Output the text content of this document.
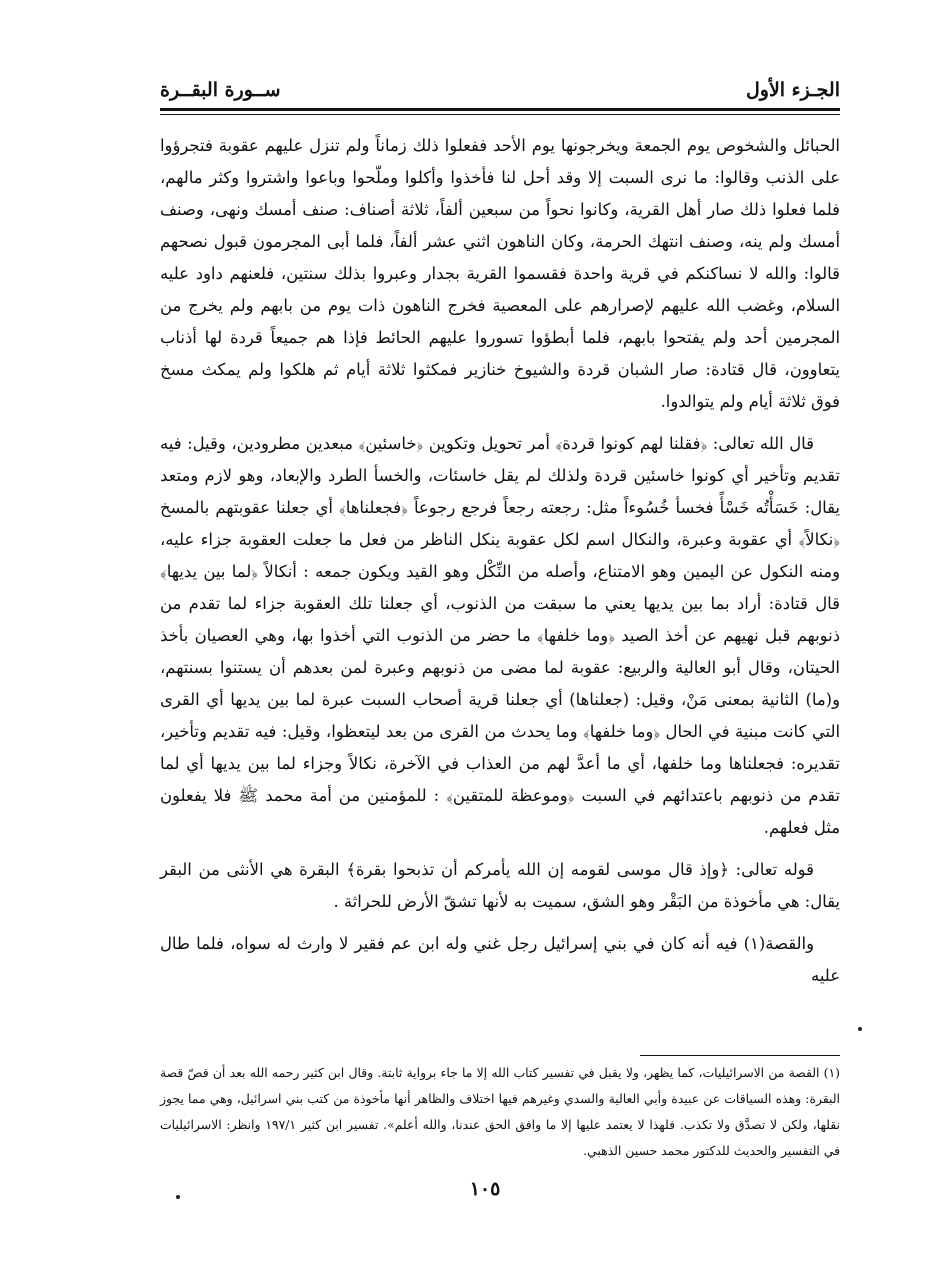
الجـزء الأول
ســورة البقــرة

الحبائل والشخوص يوم الجمعة ويخرجونها يوم الأحد ففعلوا ذلك زماناً ولم تنزل عليهم عقوبة فتجرؤوا على الذنب وقالوا: ما نرى السبت إلا وقد أحل لنا فأخذوا وأكلوا وملّحوا وباعوا واشتروا وكثر مالهم، فلما فعلوا ذلك صار أهل القرية، وكانوا نحواً من سبعين ألفاً، ثلاثة أصناف: صنف أمسك ونهى، وصنف أمسك ولم ينه، وصنف انتهك الحرمة، وكان الناهون اثني عشر ألفاً، فلما أبى المجرمون قبول نصحهم قالوا: والله لا نساكنكم في قرية واحدة فقسموا القرية بجدار وعبروا بذلك سنتين، فلعنهم داود عليه السلام، وغضب الله عليهم لإصرارهم على المعصية فخرج الناهون ذات يوم من بابهم ولم يخرج من المجرمين أحد ولم يفتحوا بابهم، فلما أبطؤوا تسوروا عليهم الحائط فإذا هم جميعاً قردة لها أذناب يتعاوون، قال قتادة: صار الشبان قردة والشيوخ خنازير فمكثوا ثلاثة أيام ثم هلكوا ولم يمكث مسخ فوق ثلاثة أيام ولم يتوالدوا.

قال الله تعالى: ﴿فقلنا لهم كونوا قردة﴾ أمر تحويل وتكوين ﴿خاسئين﴾ مبعدين مطرودين، وقيل: فيه تقديم وتأخير أي كونوا خاسئين قردة ولذلك لم يقل خاسئات، والخسأ الطرد والإبعاد، وهو لازم ومتعد يقال: خَسَأْتُه خَسْأً فخسأ خُسُوءاً مثل: رجعته رجعاً فرجع رجوعاً ﴿فجعلناها﴾ أي جعلنا عقوبتهم بالمسخ ﴿نكالاً﴾ أي عقوبة وعبرة، والنكال اسم لكل عقوبة ينكل الناظر من فعل ما جعلت العقوبة جزاء عليه، ومنه النكول عن اليمين وهو الامتناع، وأصله من النِّكْل وهو القيد ويكون جمعه : أنكالاً ﴿لما بين يديها﴾ قال قتادة: أراد بما بين يديها يعني ما سبقت من الذنوب، أي جعلنا تلك العقوبة جزاء لما تقدم من ذنوبهم قبل نهيهم عن أخذ الصيد ﴿وما خلفها﴾ ما حضر من الذنوب التي أخذوا بها، وهي العصيان بأخذ الحيتان، وقال أبو العالية والربيع: عقوبة لما مضى من ذنوبهم وعبرة لمن بعدهم أن يستنوا بسنتهم، و(ما) الثانية بمعنى مَنْ، وقيل: (جعلناها) أي جعلنا قرية أصحاب السبت عبرة لما بين يديها أي القرى التي كانت مبنية في الحال ﴿وما خلفها﴾ وما يحدث من القرى من بعد ليتعظوا، وقيل: فيه تقديم وتأخير، تقديره: فجعلناها وما خلفها، أي ما أعدَّ لهم من العذاب في الآخرة، نكالاً وجزاء لما بين يديها أي لما تقدم من ذنوبهم باعتدائهم في السبت ﴿وموعظة للمتقين﴾ : للمؤمنين من أمة محمد ﷺ فلا يفعلون مثل فعلهم.

قوله تعالى: ﴿وإذ قال موسى لقومه إن الله يأمركم أن تذبحوا بقرة﴾ البقرة هي الأنثى من البقر يقال: هي مأخوذة من البَقْر وهو الشق، سميت به لأنها تشقّ الأرض للحراثة .

والقصة(١) فيه أنه كان في بني إسرائيل رجل غني وله ابن عم فقير لا وارث له سواه، فلما طال عليه

(١) القصة من الاسرائيليات، كما يظهر، ولا يقبل في تفسير كتاب الله إلا ما جاء برواية ثابتة. وقال ابن كثير رحمه الله بعد أن قصّ قصة البقرة: وهذه السياقات عن عبيدة وأبي العالية والسدي وغيرهم فيها اختلاف والظاهر أنها مأخوذة من كتب بني اسرائيل، وهي مما يجوز نقلها، ولكن لا تصدَّق ولا تكذب. فلهذا لا يعتمد عليها إلا ما وافق الحق عندنا، والله أعلم». تفسير ابن كثير ١٩٧/١ وانظر: الاسرائيليات في التفسير والحديث للدكتور محمد حسين الذهبي.
١٠٥
